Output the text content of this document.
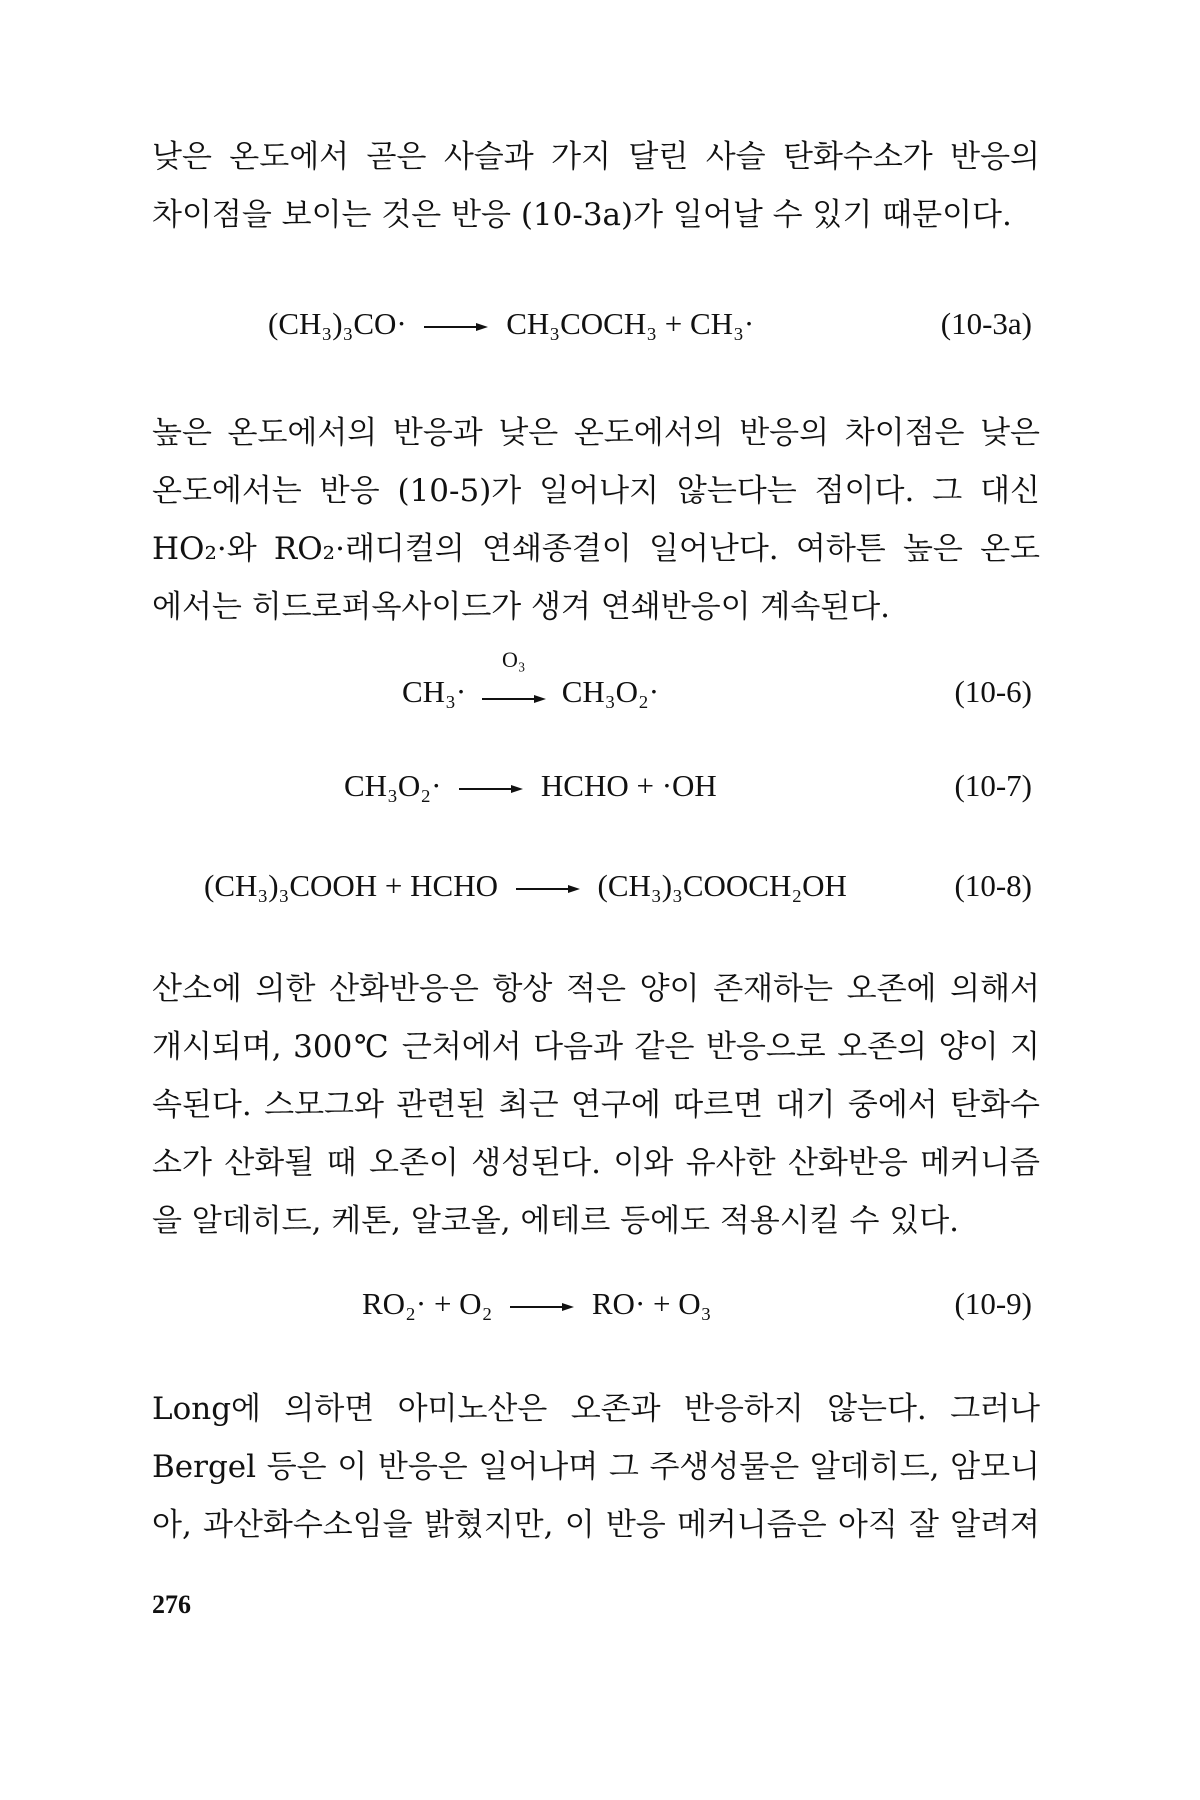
낮은 온도에서 곧은 사슬과 가지 달린 사슬 탄화수소가 반응의
차이점을 보이는 것은 반응 (10-3a)가 일어날 수 있기 때문이다.
(CH₃)₃CO· → CH₃COCH₃ + CH₃·	(10-3a)
높은 온도에서의 반응과 낮은 온도에서의 반응의 차이점은 낮은
온도에서는 반응 (10-5)가 일어나지 않는다는 점이다. 그 대신
HO₂·와 RO₂·래디컬의 연쇄종결이 일어난다. 여하튼 높은 온도
에서는 히드로퍼옥사이드가 생겨 연쇄반응이 계속된다.
CH₃·
O₃
CH₃O₂·	(10-6)
CH₃O₂· → HCHO + ·OH	(10-7)
(CH₃)₃COOH + HCHO → (CH₃)₃COOCH₂OH	(10-8)
산소에 의한 산화반응은 항상 적은 양이 존재하는 오존에 의해서
개시되며, 300℃ 근처에서 다음과 같은 반응으로 오존의 양이 지
속된다. 스모그와 관련된 최근 연구에 따르면 대기 중에서 탄화수
소가 산화될 때 오존이 생성된다. 이와 유사한 산화반응 메커니즘
을 알데히드, 케톤, 알코올, 에테르 등에도 적용시킬 수 있다.
RO₂· + O₂ → RO· + O₃	(10-9)
Long에 의하면 아미노산은 오존과 반응하지 않는다. 그러나
Bergel 등은 이 반응은 일어나며 그 주생성물은 알데히드, 암모니
아, 과산화수소임을 밝혔지만, 이 반응 메커니즘은 아직 잘 알려져
276
